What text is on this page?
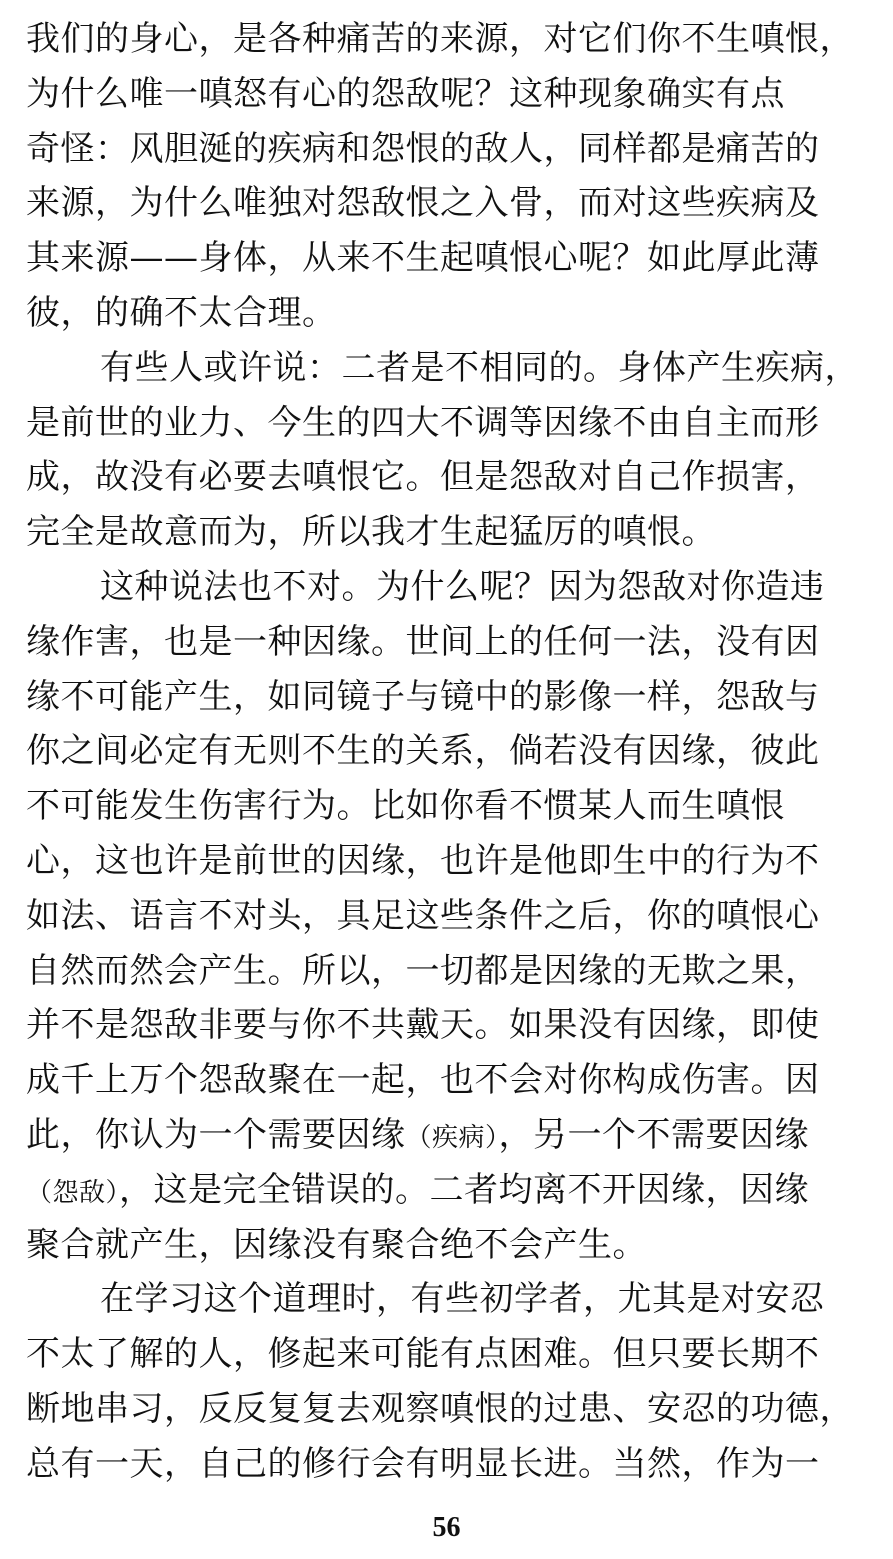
我们的身心，是各种痛苦的来源，对它们你不生嗔恨，
为什么唯一嗔怒有心的怨敌呢？这种现象确实有点
奇怪：风胆涎的疾病和怨恨的敌人，同样都是痛苦的
来源，为什么唯独对怨敌恨之入骨，而对这些疾病及
其来源——身体，从来不生起嗔恨心呢？如此厚此薄
彼，的确不太合理。
有些人或许说：二者是不相同的。身体产生疾病，
是前世的业力、今生的四大不调等因缘不由自主而形
成，故没有必要去嗔恨它。但是怨敌对自己作损害，
完全是故意而为，所以我才生起猛厉的嗔恨。
这种说法也不对。为什么呢？因为怨敌对你造违
缘作害，也是一种因缘。世间上的任何一法，没有因
缘不可能产生，如同镜子与镜中的影像一样，怨敌与
你之间必定有无则不生的关系，倘若没有因缘，彼此
不可能发生伤害行为。比如你看不惯某人而生嗔恨
心，这也许是前世的因缘，也许是他即生中的行为不
如法、语言不对头，具足这些条件之后，你的嗔恨心
自然而然会产生。所以，一切都是因缘的无欺之果，
并不是怨敌非要与你不共戴天。如果没有因缘，即使
成千上万个怨敌聚在一起，也不会对你构成伤害。因
此，你认为一个需要因缘（疾病），另一个不需要因缘
（怨敌），这是完全错误的。二者均离不开因缘，因缘
聚合就产生，因缘没有聚合绝不会产生。
在学习这个道理时，有些初学者，尤其是对安忍
不太了解的人，修起来可能有点困难。但只要长期不
断地串习，反反复复去观察嗔恨的过患、安忍的功德，
总有一天，自己的修行会有明显长进。当然，作为一
56
